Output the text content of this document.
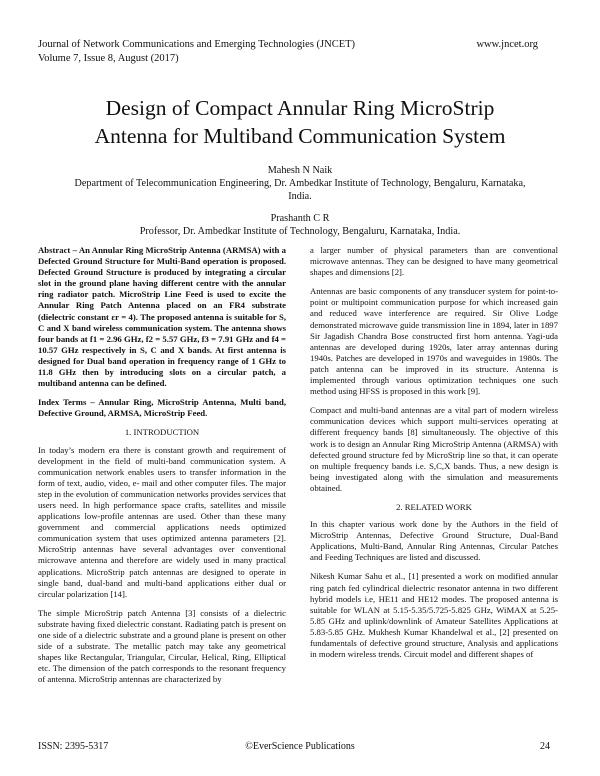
Journal of Network Communications and Emerging Technologies (JNCET)
Volume 7, Issue 8, August (2017)
www.jncet.org
Design of Compact Annular Ring MicroStrip
Antenna for Multiband Communication System
Mahesh N Naik
Department of Telecommunication Engineering, Dr. Ambedkar Institute of Technology, Bengaluru, Karnataka,
India.
Prashanth C R
Professor, Dr. Ambedkar Institute of Technology, Bengaluru, Karnataka, India.

Abstract – An Annular Ring MicroStrip Antenna (ARMSA) with a Defected Ground Structure for Multi-Band operation is proposed. Defected Ground Structure is produced by integrating a circular slot in the ground plane having different centre with the annular ring radiator patch. MicroStrip Line Feed is used to excite the Annular Ring Patch Antenna placed on an FR4 substrate (dielectric constant εr = 4). The proposed antenna is suitable for S, C and X band wireless communication system. The antenna shows four bands at f1 = 2.96 GHz, f2 = 5.57 GHz, f3 = 7.91 GHz and f4 = 10.57 GHz respectively in S, C and X bands. At first antenna is designed for Dual band operation in frequency range of 1 GHz to 11.8 GHz then by introducing slots on a circular patch, a multiband antenna can be defined.

Index Terms – Annular Ring, MicroStrip Antenna, Multi band, Defective Ground, ARMSA, MicroStrip Feed.

1. INTRODUCTION

In today’s modern era there is constant growth and requirement of development in the field of multi-band communication system. A communication network enables users to transfer information in the form of text, audio, video, e- mail and other computer files. The major step in the evolution of communication networks provides services that users need. In high performance space crafts, satellites and missile applications low-profile antennas are used. Other than these many government and commercial applications needs optimized communication system that uses optimized antenna parameters [2]. MicroStrip antennas have several advantages over conventional microwave antenna and therefore are widely used in many practical applications. MicroStrip patch antennas are designed to operate in single band, dual-band and multi-band applications either dual or circular polarization [14].

The simple MicroStrip patch Antenna [3] consists of a dielectric substrate having fixed dielectric constant. Radiating patch is present on one side of a dielectric substrate and a ground plane is present on other side of a substrate. The metallic patch may take any geometrical shapes like Rectangular, Triangular, Circular, Helical, Ring, Elliptical etc. The dimension of the patch corresponds to the resonant frequency of antenna. MicroStrip antennas are characterized by

a larger number of physical parameters than are conventional microwave antennas. They can be designed to have many geometrical shapes and dimensions [2].

Antennas are basic components of any transducer system for point-to-point or multipoint communication purpose for which increased gain and reduced wave interference are required. Sir Olive Lodge demonstrated microwave guide transmission line in 1894, later in 1897 Sir Jagadish Chandra Bose constructed first horn antenna. Yagi-uda antennas are developed during 1920s, later array antennas during 1940s. Patches are developed in 1970s and waveguides in 1980s. The patch antenna can be improved in its structure. Antenna is implemented through various optimization techniques one such method using HFSS is proposed in this work [9].

Compact and multi-band antennas are a vital part of modern wireless communication devices which support multi-services operating at different frequency bands [8] simultaneously. The objective of this work is to design an Annular Ring MicroStrip Antenna (ARMSA) with defected ground structure fed by MicroStrip line so that, it can operate on multiple frequency bands i.e. S,C,X bands. Thus, a new design is being investigated along with the simulation and measurements obtained.

2. RELATED WORK

In this chapter various work done by the Authors in the field of MicroStrip Antennas, Defective Ground Structure, Dual-Band Applications, Multi-Band, Annular Ring Antennas, Circular Patches and Feeding Techniques are listed and discussed.

Nikesh Kumar Sahu et al., [1] presented a work on modified annular ring patch fed cylindrical dielectric resonator antenna in two different hybrid models i.e, HE11 and HE12 modes. The proposed antenna is suitable for WLAN at 5.15-5.35/5.725-5.825 GHz, WiMAX at 5.25-5.85 GHz and uplink/downlink of Amateur Satellites Applications at 5.83-5.85 GHz. Mukhesh Kumar Khandelwal et al., [2] presented on fundamentals of defective ground structure, Analysis and applications in modern wireless trends. Circuit model and different shapes of

ISSN: 2395-5317	©EverScience Publications	24
